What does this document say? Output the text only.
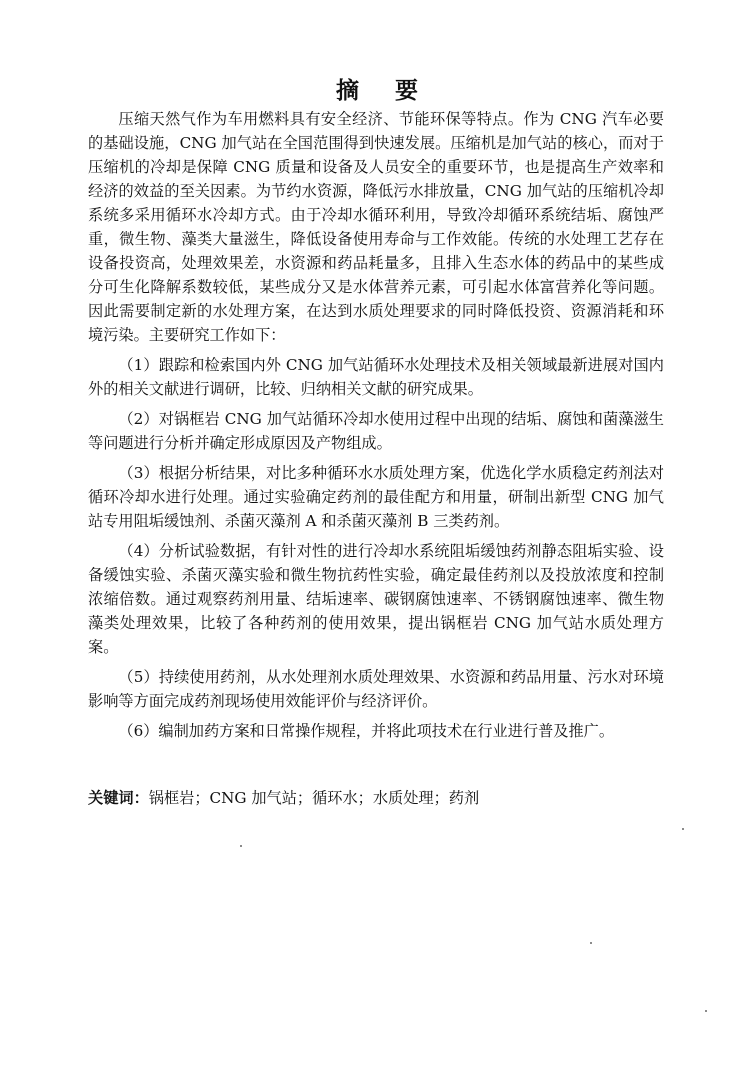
摘 要

压缩天然气作为车用燃料具有安全经济、节能环保等特点。作为 CNG 汽车必要的基础设施，CNG 加气站在全国范围得到快速发展。压缩机是加气站的核心，而对于压缩机的冷却是保障 CNG 质量和设备及人员安全的重要环节，也是提高生产效率和经济的效益的至关因素。为节约水资源，降低污水排放量，CNG 加气站的压缩机冷却系统多采用循环水冷却方式。由于冷却水循环利用，导致冷却循环系统结垢、腐蚀严重，微生物、藻类大量滋生，降低设备使用寿命与工作效能。传统的水处理工艺存在设备投资高，处理效果差，水资源和药品耗量多，且排入生态水体的药品中的某些成分可生化降解系数较低，某些成分又是水体营养元素，可引起水体富营养化等问题。因此需要制定新的水处理方案，在达到水质处理要求的同时降低投资、资源消耗和环境污染。主要研究工作如下：

（1）跟踪和检索国内外 CNG 加气站循环水处理技术及相关领域最新进展对国内外的相关文献进行调研，比较、归纳相关文献的研究成果。

（2）对锅框岩 CNG 加气站循环冷却水使用过程中出现的结垢、腐蚀和菌藻滋生等问题进行分析并确定形成原因及产物组成。

（3）根据分析结果，对比多种循环水水质处理方案，优选化学水质稳定药剂法对循环冷却水进行处理。通过实验确定药剂的最佳配方和用量，研制出新型 CNG 加气站专用阻垢缓蚀剂、杀菌灭藻剂 A 和杀菌灭藻剂 B 三类药剂。

（4）分析试验数据，有针对性的进行冷却水系统阻垢缓蚀药剂静态阻垢实验、设备缓蚀实验、杀菌灭藻实验和微生物抗药性实验，确定最佳药剂以及投放浓度和控制浓缩倍数。通过观察药剂用量、结垢速率、碳钢腐蚀速率、不锈钢腐蚀速率、微生物藻类处理效果，比较了各种药剂的使用效果，提出锅框岩 CNG 加气站水质处理方案。

（5）持续使用药剂，从水处理剂水质处理效果、水资源和药品用量、污水对环境影响等方面完成药剂现场使用效能评价与经济评价。

（6）编制加药方案和日常操作规程，并将此项技术在行业进行普及推广。

关键词：锅框岩；CNG 加气站；循环水；水质处理；药剂
